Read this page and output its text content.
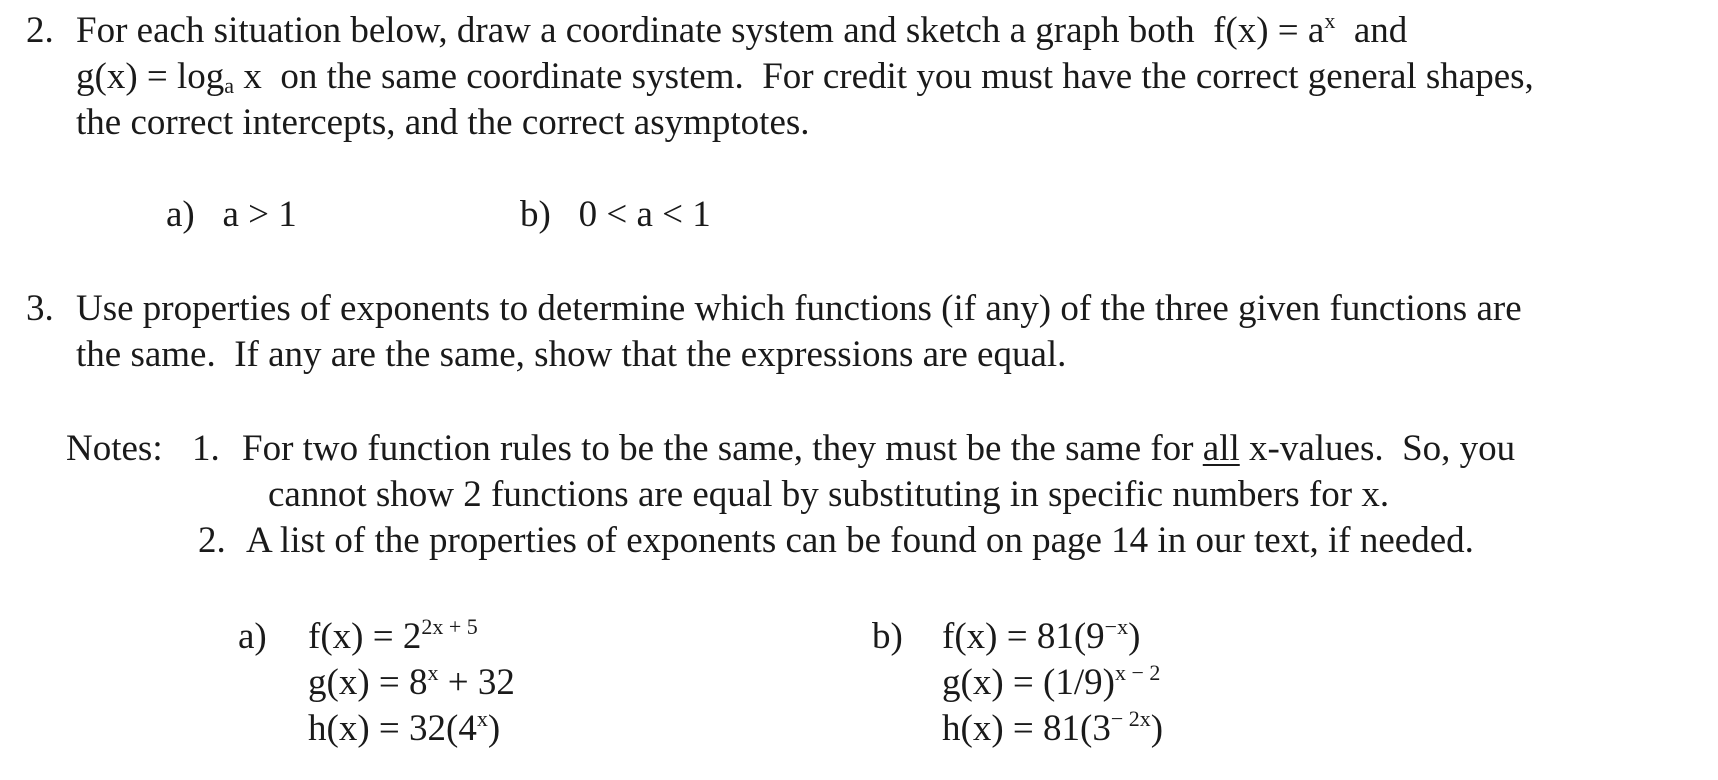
2. For each situation below, draw a coordinate system and sketch a graph both  $f(x) = a^x$  and
$g(x) = \log_a x$  on the same coordinate system.  For credit you must have the correct general shapes,
the correct intercepts, and the correct asymptotes.
a)   a > 1	b)   0 < a < 1
3. Use properties of exponents to determine which functions (if any) of the three given functions are
the same.  If any are the same, show that the expressions are equal.
Notes: 1. For two function rules to be the same, they must be the same for all x-values.  So, you
cannot show 2 functions are equal by substituting in specific numbers for x.
2. A list of the properties of exponents can be found on page 14 in our text, if needed.
a) $f(x) = 2^{2x + 5}$
$g(x) = 8^x + 32$
$h(x) = 32(4^x)$
b) $f(x) = 81(9^{-x})$
$g(x) = (1/9)^{x - 2}$
$h(x) = 81(3^{- 2x})$
